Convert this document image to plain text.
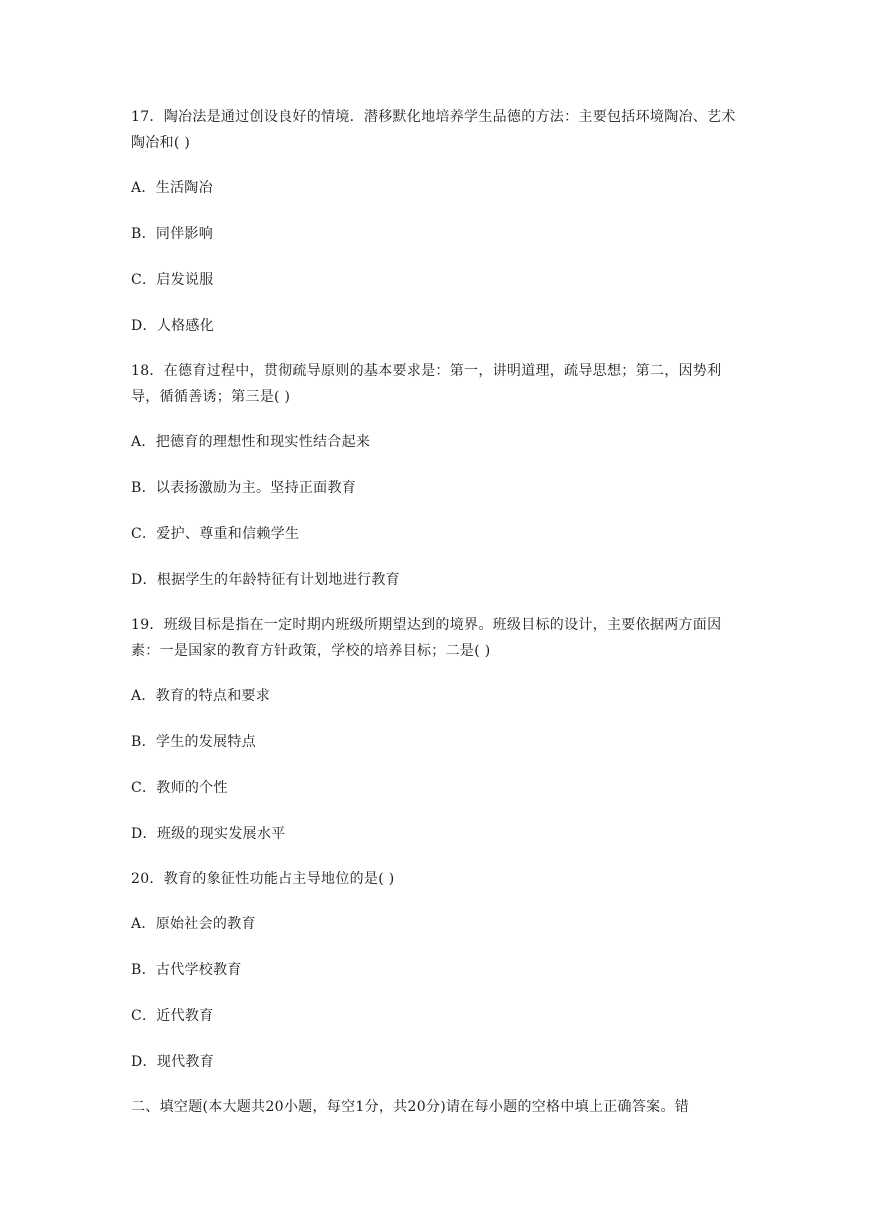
17．陶冶法是通过创设良好的情境．潜移默化地培养学生品德的方法：主要包括环境陶冶、艺术陶冶和( )

A．生活陶冶

B．同伴影响

C．启发说服

D．人格感化

18．在德育过程中，贯彻疏导原则的基本要求是：第一，讲明道理，疏导思想；第二，因势利导，循循善诱；第三是( )

A．把德育的理想性和现实性结合起来

B．以表扬激励为主。坚持正面教育

C．爱护、尊重和信赖学生

D．根据学生的年龄特征有计划地进行教育

19．班级目标是指在一定时期内班级所期望达到的境界。班级目标的设计，主要依据两方面因素：一是国家的教育方针政策，学校的培养目标；二是( )

A．教育的特点和要求

B．学生的发展特点

C．教师的个性

D．班级的现实发展水平

20．教育的象征性功能占主导地位的是( )

A．原始社会的教育

B．古代学校教育

C．近代教育

D．现代教育

二、填空题(本大题共20小题，每空1分，共20分)请在每小题的空格中填上正确答案。错
